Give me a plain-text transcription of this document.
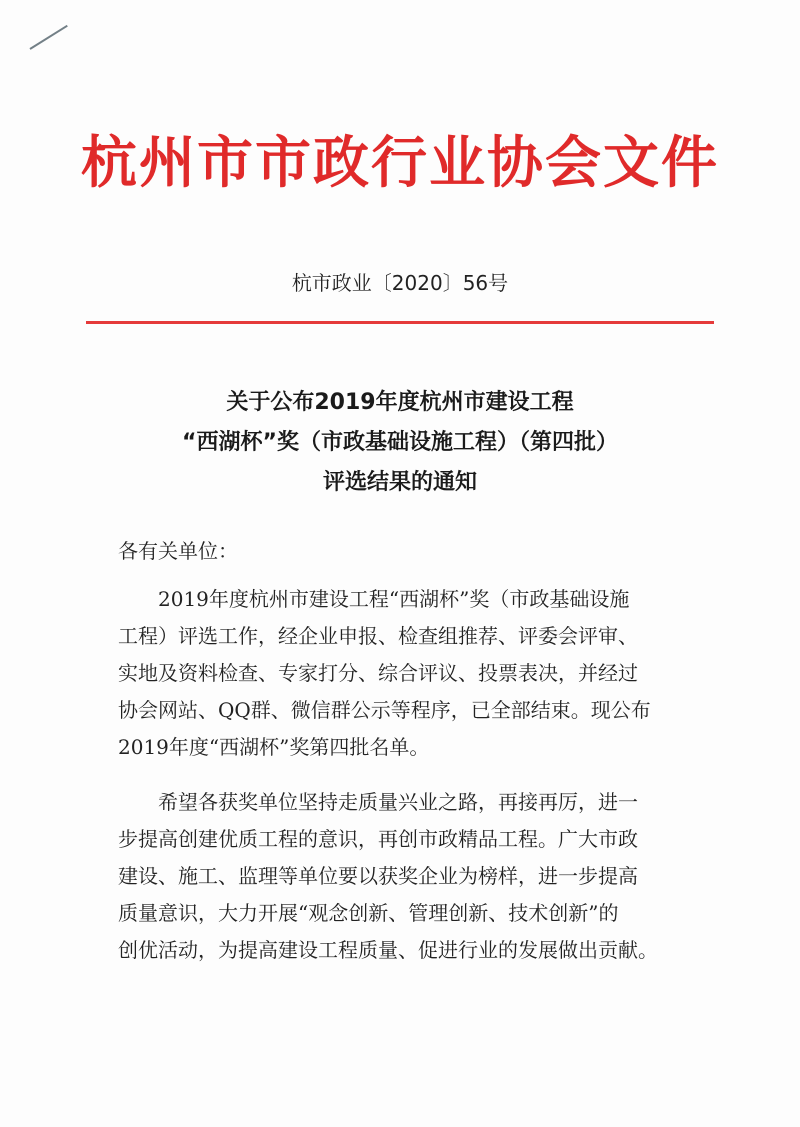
杭州市市政行业协会文件
杭市政业〔2020〕56号
关于公布2019年度杭州市建设工程
“西湖杯”奖（市政基础设施工程）（第四批）
评选结果的通知
各有关单位：
2019年度杭州市建设工程“西湖杯”奖（市政基础设施
工程）评选工作，经企业申报、检查组推荐、评委会评审、
实地及资料检查、专家打分、综合评议、投票表决，并经过
协会网站、QQ群、微信群公示等程序，已全部结束。现公布
2019年度“西湖杯”奖第四批名单。
希望各获奖单位坚持走质量兴业之路，再接再厉，进一
步提高创建优质工程的意识，再创市政精品工程。广大市政
建设、施工、监理等单位要以获奖企业为榜样，进一步提高
质量意识，大力开展“观念创新、管理创新、技术创新”的
创优活动，为提高建设工程质量、促进行业的发展做出贡献。
